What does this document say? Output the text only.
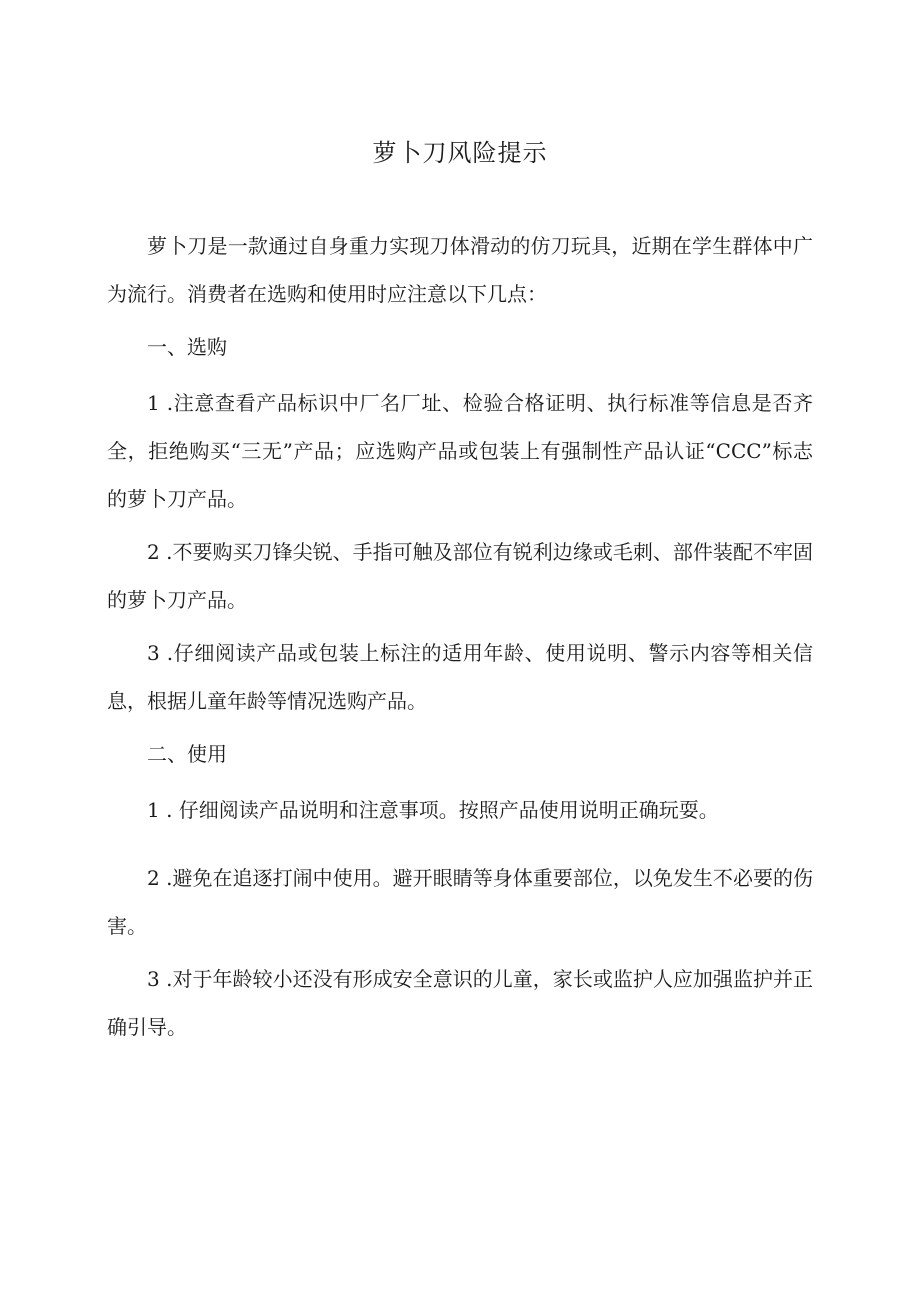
萝卜刀风险提示

萝卜刀是一款通过自身重力实现刀体滑动的仿刀玩具，近期在学生群体中广为流行。消费者在选购和使用时应注意以下几点：

一、选购

1 .注意查看产品标识中厂名厂址、检验合格证明、执行标准等信息是否齐全，拒绝购买“三无”产品；应选购产品或包装上有强制性产品认证“CCC”标志的萝卜刀产品。

2 .不要购买刀锋尖锐、手指可触及部位有锐利边缘或毛刺、部件装配不牢固的萝卜刀产品。

3 .仔细阅读产品或包装上标注的适用年龄、使用说明、警示内容等相关信息，根据儿童年龄等情况选购产品。

二、使用

1 . 仔细阅读产品说明和注意事项。按照产品使用说明正确玩耍。

2 .避免在追逐打闹中使用。避开眼睛等身体重要部位，以免发生不必要的伤害。

3 .对于年龄较小还没有形成安全意识的儿童，家长或监护人应加强监护并正确引导。
